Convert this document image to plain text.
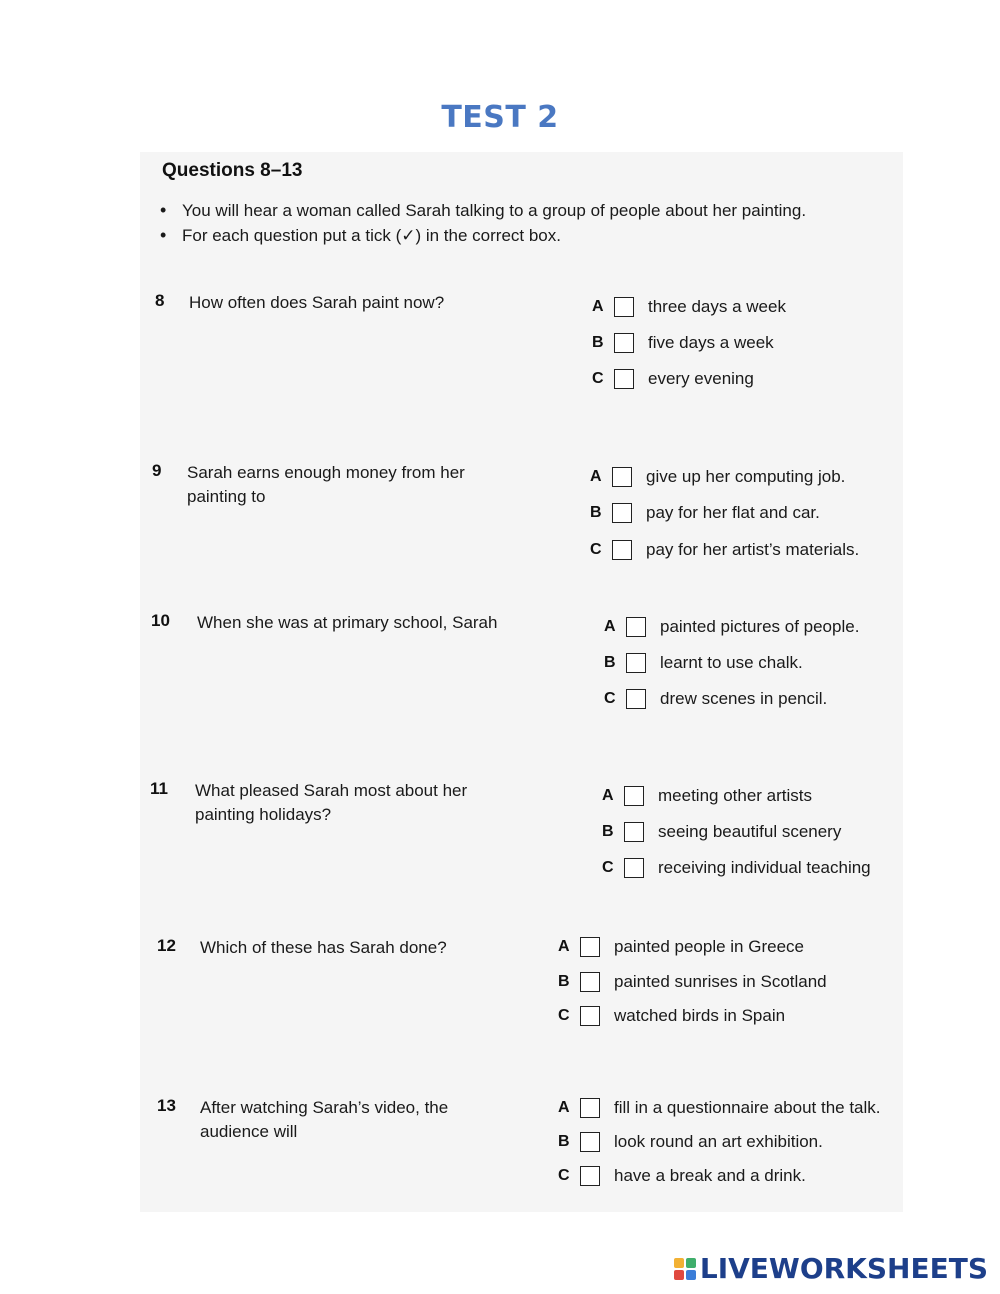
TEST 2
Questions 8–13
• You will hear a woman called Sarah talking to a group of people about her painting.
• For each question put a tick (✓) in the correct box.
8 How often does Sarah paint now?	A	three days a week
B	five days a week
C	every evening
9 Sarah earns enough money from her painting to
A	give up her computing job.
B	pay for her flat and car.
C	pay for her artist’s materials.
10 When she was at primary school, Sarah	A	painted pictures of people.
B	learnt to use chalk.
C	drew scenes in pencil.
11 What pleased Sarah most about her painting holidays?
A	meeting other artists
B	seeing beautiful scenery
C	receiving individual teaching
12 Which of these has Sarah done?	A	painted people in Greece
B	painted sunrises in Scotland
C	watched birds in Spain
13 After watching Sarah’s video, the audience will
A	fill in a questionnaire about the talk.
B	look round an art exhibition.
C	have a break and a drink.
LIVEWORKSHEETS
